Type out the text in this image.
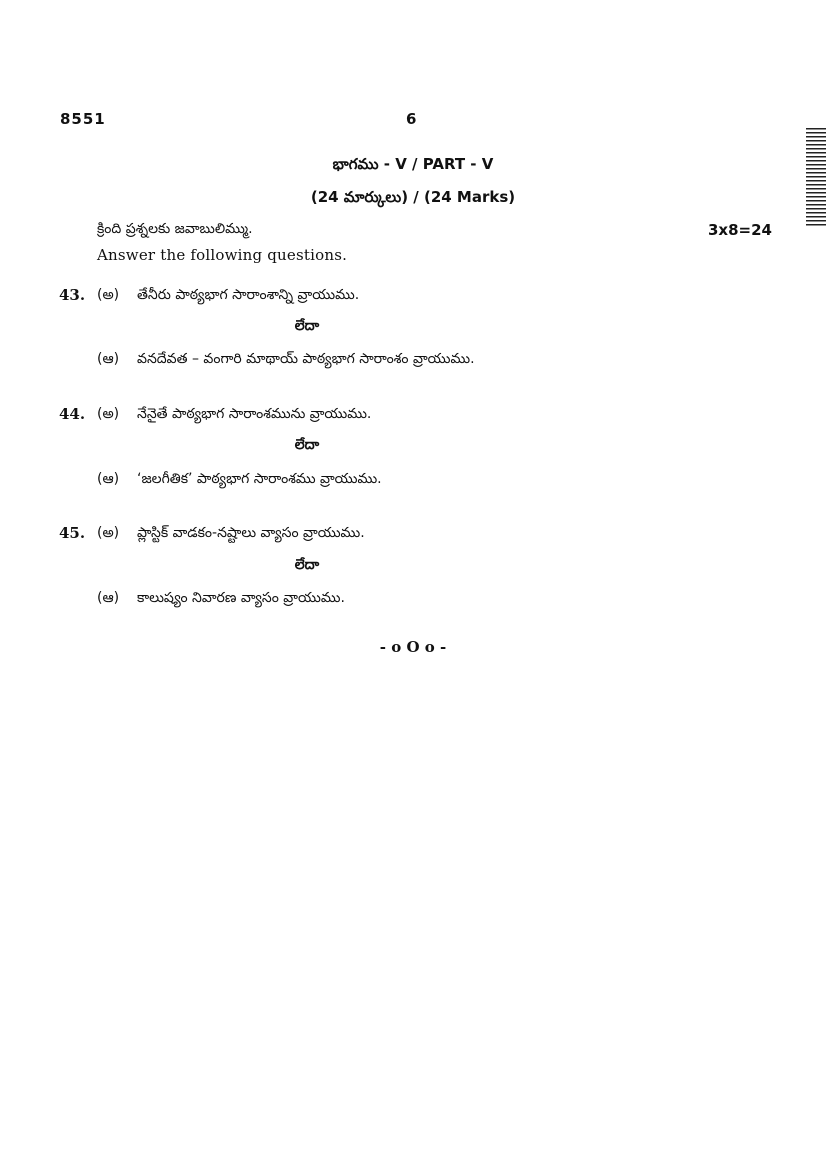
8551	6
భాగము - V / PART - V
(24 మార్కులు) / (24 Marks)
క్రింది ప్రశ్నలకు జవాబులిమ్ము.	3x8=24
Answer the following questions.
43. (అ) తేనీరు పాఠ్యభాగ సారాంశాన్ని వ్రాయుము.
లేదా
(ఆ) వనదేవత – వంగారి మాథాయ్ పాఠ్యభాగ సారాంశం వ్రాయుము.
44. (అ) నేనైతే పాఠ్యభాగ సారాంశమును వ్రాయుము.
లేదా
(ఆ) ‘జలగీతిక’ పాఠ్యభాగ సారాంశము వ్రాయుము.
45. (అ) ప్లాస్టిక్ వాడకం-నష్టాలు వ్యాసం వ్రాయుము.
లేదా
(ఆ) కాలుష్యం నివారణ వ్యాసం వ్రాయుము.
- o O o -
